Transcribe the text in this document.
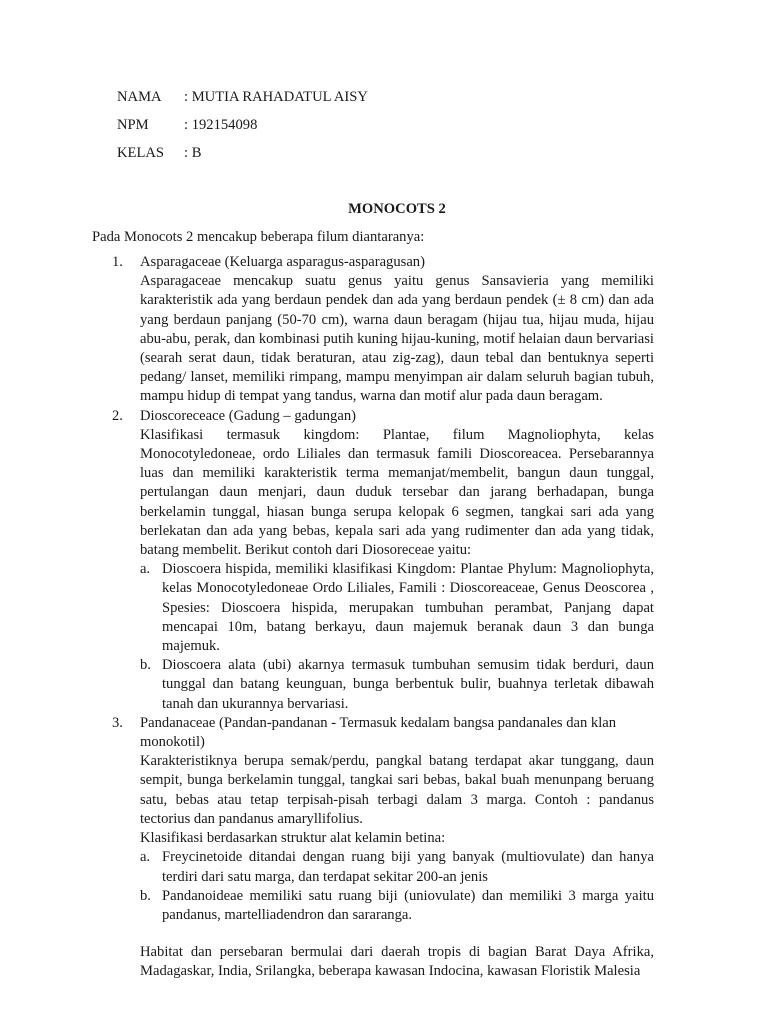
NAMA : MUTIA RAHADATUL AISY
NPM : 192154098
KELAS : B
MONOCOTS 2
Pada Monocots 2 mencakup beberapa filum diantaranya:
1. Asparagaceae (Keluarga asparagus-asparagusan)

Asparagaceae mencakup suatu genus yaitu genus Sansavieria yang memiliki karakteristik ada yang berdaun pendek dan ada yang berdaun pendek (± 8 cm) dan ada yang berdaun panjang (50-70 cm), warna daun beragam (hijau tua, hijau muda, hijau abu-abu, perak, dan kombinasi putih kuning hijau-kuning, motif helaian daun bervariasi (searah serat daun, tidak beraturan, atau zig-zag), daun tebal dan bentuknya seperti pedang/ lanset, memiliki rimpang, mampu menyimpan air dalam seluruh bagian tubuh, mampu hidup di tempat yang tandus, warna dan motif alur pada daun beragam.

2. Dioscoreceace (Gadung – gadungan)

Klasifikasi termasuk kingdom: Plantae, filum Magnoliophyta, kelas Monocotyledoneae, ordo Liliales dan termasuk famili Dioscoreacea. Persebarannya luas dan memiliki karakteristik terma memanjat/membelit, bangun daun tunggal, pertulangan daun menjari, daun duduk tersebar dan jarang berhadapan, bunga berkelamin tunggal, hiasan bunga serupa kelopak 6 segmen, tangkai sari ada yang berlekatan dan ada yang bebas, kepala sari ada yang rudimenter dan ada yang tidak, batang membelit. Berikut contoh dari Diosoreceae yaitu:

a. Dioscoera hispida, memiliki klasifikasi Kingdom: Plantae Phylum: Magnoliophyta, kelas Monocotyledoneae Ordo Liliales, Famili : Dioscoreaceae, Genus Deoscorea , Spesies: Dioscoera hispida, merupakan tumbuhan perambat, Panjang dapat mencapai 10m, batang berkayu, daun majemuk beranak daun 3 dan bunga majemuk.

b. Dioscoera alata (ubi) akarnya termasuk tumbuhan semusim tidak berduri, daun tunggal dan batang keunguan, bunga berbentuk bulir, buahnya terletak dibawah tanah dan ukurannya bervariasi.

3. Pandanaceae (Pandan-pandanan - Termasuk kedalam bangsa pandanales dan klan monokotil)

Karakteristiknya berupa semak/perdu, pangkal batang terdapat akar tunggang, daun sempit, bunga berkelamin tunggal, tangkai sari bebas, bakal buah menunpang beruang satu, bebas atau tetap terpisah-pisah terbagi dalam 3 marga. Contoh : pandanus tectorius dan pandanus amaryllifolius.

Klasifikasi berdasarkan struktur alat kelamin betina:

a. Freycinetoide ditandai dengan ruang biji yang banyak (multiovulate) dan hanya terdiri dari satu marga, dan terdapat sekitar 200-an jenis

b. Pandanoideae memiliki satu ruang biji (uniovulate) dan memiliki 3 marga yaitu pandanus, martelliadendron dan sararanga.

Habitat dan persebaran bermulai dari daerah tropis di bagian Barat Daya Afrika, Madagaskar, India, Srilangka, beberapa kawasan Indocina, kawasan Floristik Malesia
